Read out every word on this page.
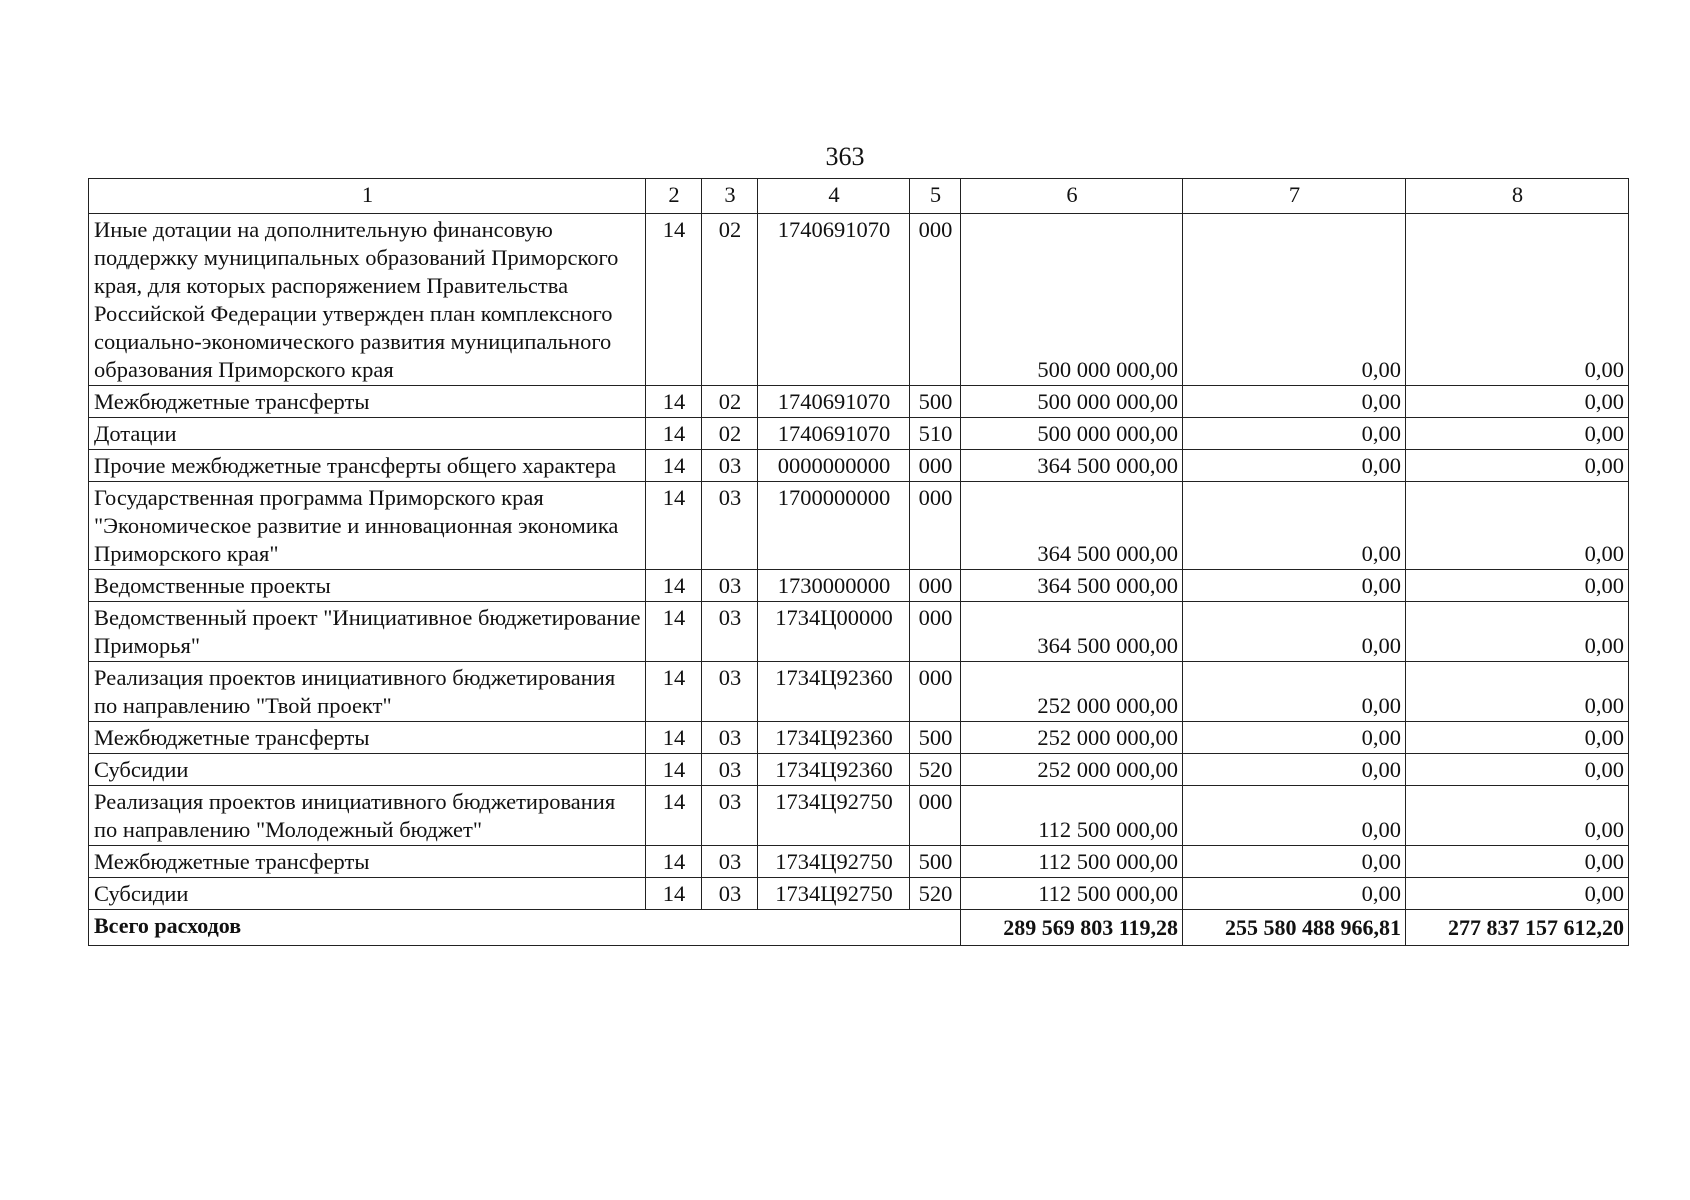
363
1	2	3	4	5	6	7	8
Иные дотации на дополнительную финансовую поддержку муниципальных образований Приморского края, для которых распоряжением Правительства Российской Федерации утвержден план комплексного социально-экономического развития муниципального образования Приморского края	14	02	1740691070	000	500 000 000,00	0,00	0,00
Межбюджетные трансферты	14	02	1740691070	500	500 000 000,00	0,00	0,00
Дотации	14	02	1740691070	510	500 000 000,00	0,00	0,00
Прочие межбюджетные трансферты общего характера	14	03	0000000000	000	364 500 000,00	0,00	0,00
Государственная программа Приморского края "Экономическое развитие и инновационная экономика Приморского края"	14	03	1700000000	000	364 500 000,00	0,00	0,00
Ведомственные проекты	14	03	1730000000	000	364 500 000,00	0,00	0,00
Ведомственный проект "Инициативное бюджетирование Приморья"	14	03	1734Ц00000	000	364 500 000,00	0,00	0,00
Реализация проектов инициативного бюджетирования по направлению "Твой проект"	14	03	1734Ц92360	000	252 000 000,00	0,00	0,00
Межбюджетные трансферты	14	03	1734Ц92360	500	252 000 000,00	0,00	0,00
Субсидии	14	03	1734Ц92360	520	252 000 000,00	0,00	0,00
Реализация проектов инициативного бюджетирования по направлению "Молодежный бюджет"	14	03	1734Ц92750	000	112 500 000,00	0,00	0,00
Межбюджетные трансферты	14	03	1734Ц92750	500	112 500 000,00	0,00	0,00
Субсидии	14	03	1734Ц92750	520	112 500 000,00	0,00	0,00
Всего расходов					289 569 803 119,28	255 580 488 966,81	277 837 157 612,20
